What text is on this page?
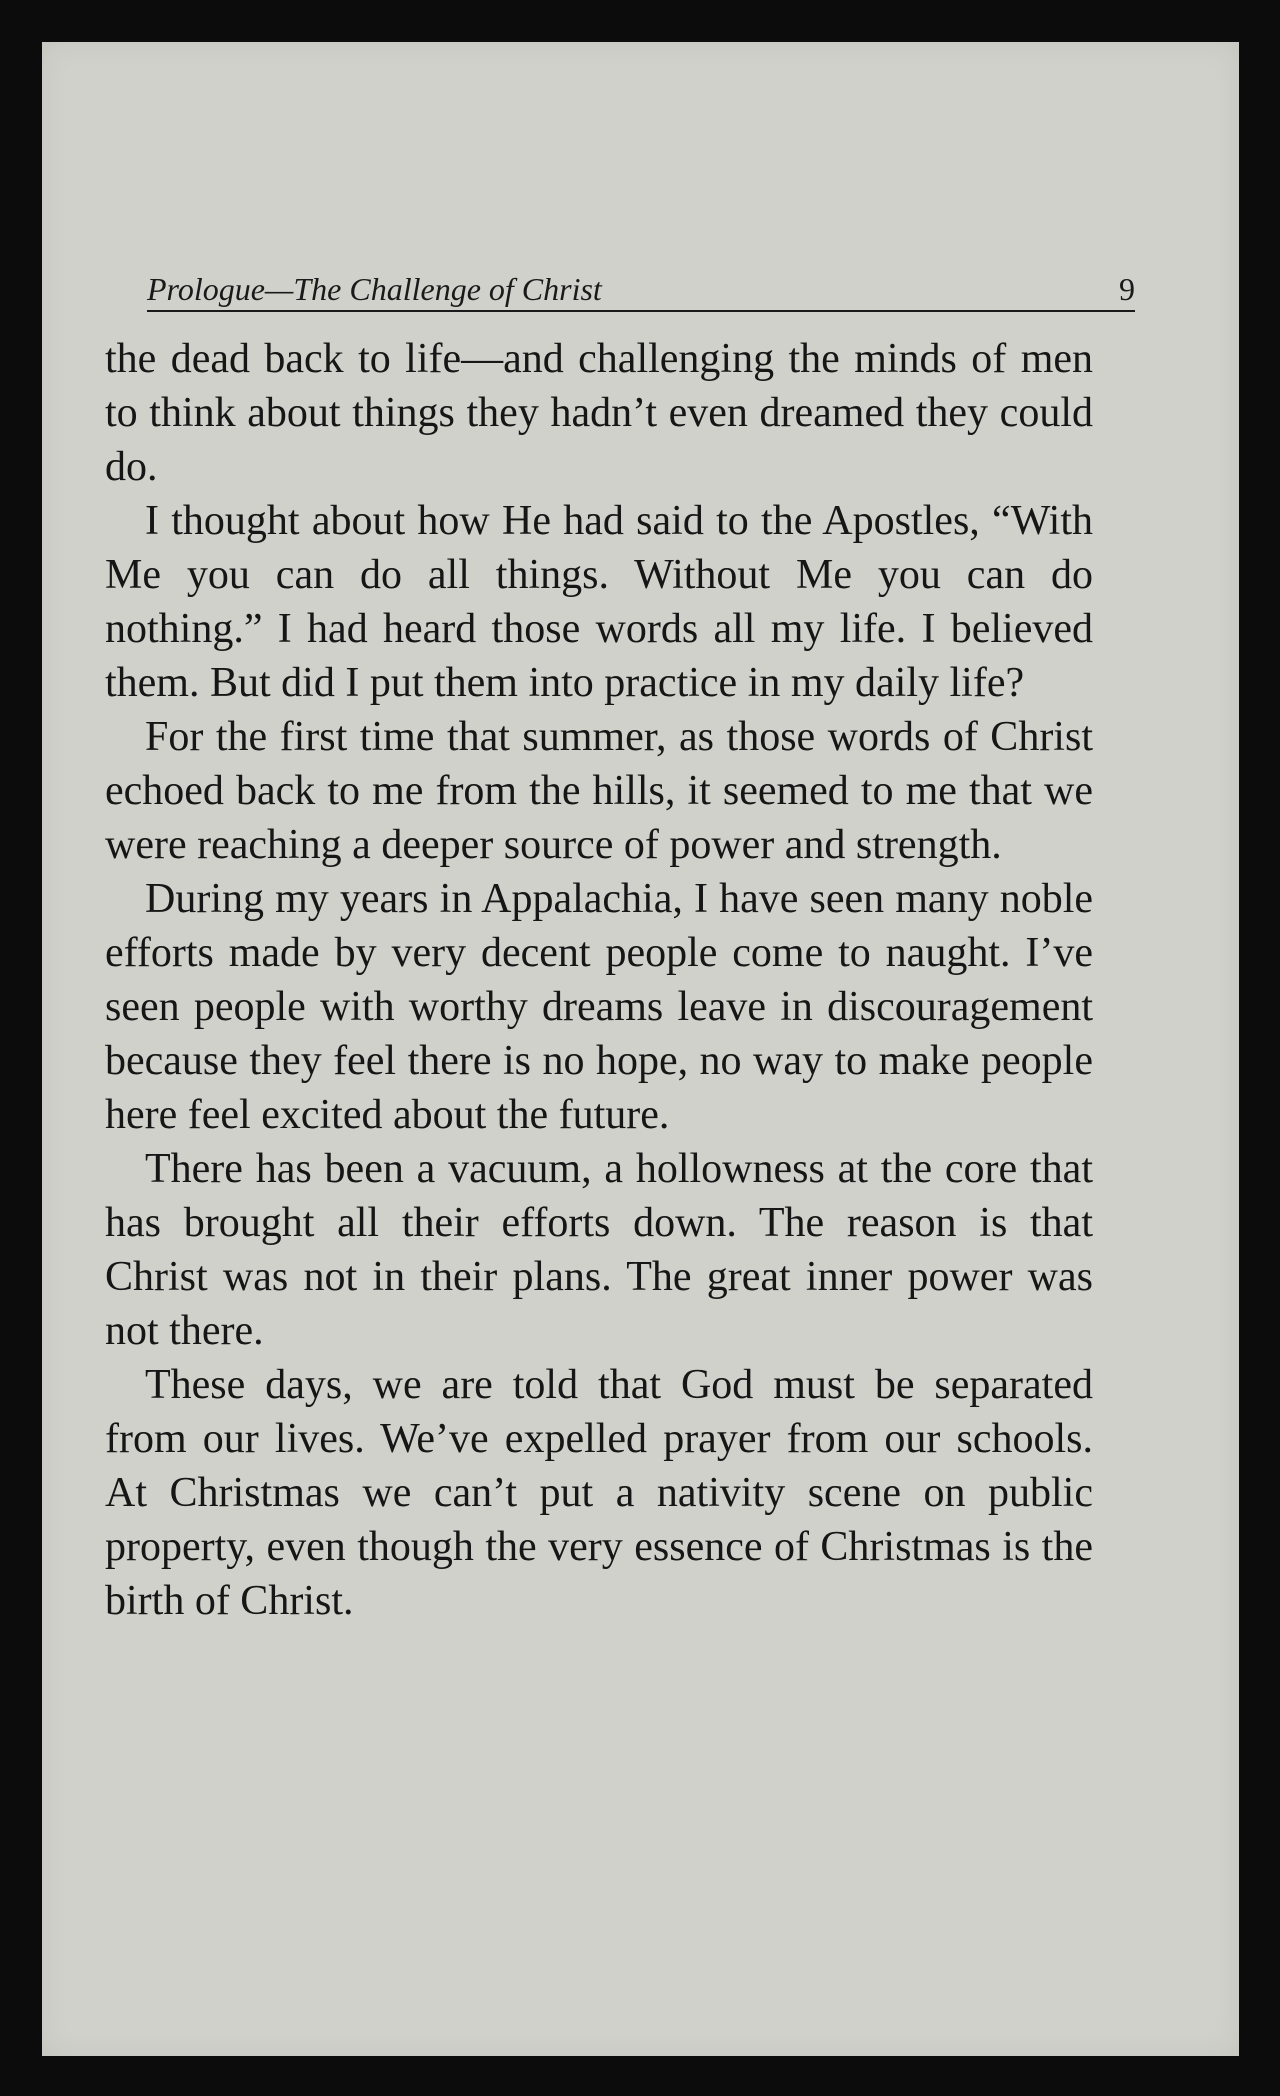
Prologue—The Challenge of Christ	9

the dead back to life—and challenging the minds of men to think about things they hadn’t even dreamed they could do.

I thought about how He had said to the Apostles, “With Me you can do all things. Without Me you can do nothing.” I had heard those words all my life. I believed them. But did I put them into practice in my daily life?

For the first time that summer, as those words of Christ echoed back to me from the hills, it seemed to me that we were reaching a deeper source of power and strength.

During my years in Appalachia, I have seen many noble efforts made by very decent people come to naught. I’ve seen people with worthy dreams leave in discouragement because they feel there is no hope, no way to make people here feel excited about the future.

There has been a vacuum, a hollowness at the core that has brought all their efforts down. The reason is that Christ was not in their plans. The great inner power was not there.

These days, we are told that God must be separated from our lives. We’ve expelled prayer from our schools. At Christmas we can’t put a nativity scene on public property, even though the very essence of Christmas is the birth of Christ.
